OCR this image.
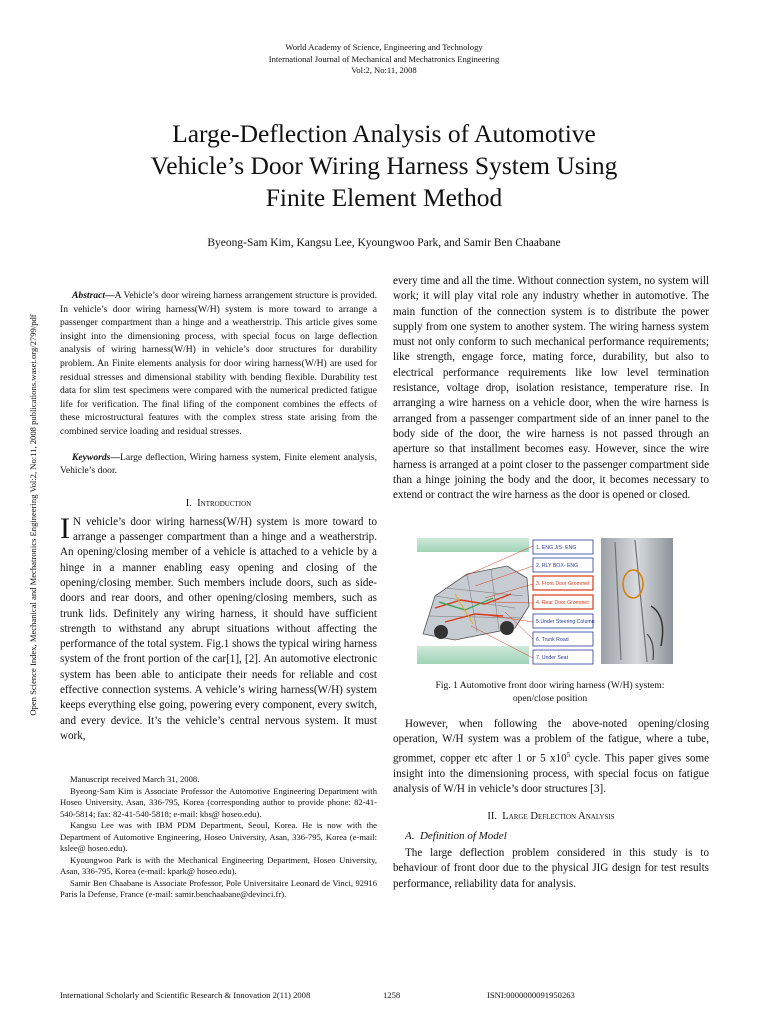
World Academy of Science, Engineering and Technology
International Journal of Mechanical and Mechatronics Engineering
Vol:2, No:11, 2008
Large-Deflection Analysis of Automotive
Vehicle’s Door Wiring Harness System Using
Finite Element Method
Byeong-Sam Kim, Kangsu Lee, Kyoungwoo Park, and Samir Ben Chaabane
Open Science Index, Mechanical and Mechatronics Engineering Vol:2, No:11, 2008 publications.waset.org/2799/pdf

Abstract—A Vehicle’s door wireing harness arrangement structure is provided. In vehicle’s door wiring harness(W/H) system is more toward to arrange a passenger compartment than a hinge and a weatherstrip. This article gives some insight into the dimensioning process, with special focus on large deflection analysis of wiring harness(W/H) in vehicle’s door structures for durability problem. An Finite elements analysis for door wiring harness(W/H) are used for residual stresses and dimensional stability with bending flexible. Durability test data for slim test specimens were compared with the numerical predicted fatigue life for verification. The final lifing of the component combines the effects of these microstructural features with the complex stress state arising from the combined service loading and residual stresses.

Keywords—Large deflection, Wiring harness system, Finite element analysis, Vehicle’s door.

I. Introduction

I N vehicle’s door wiring harness(W/H) system is more toward to arrange a passenger compartment than a hinge and a weatherstrip. An opening/closing member of a vehicle is attached to a vehicle by a hinge in a manner enabling easy opening and closing of the opening/closing member. Such members include doors, such as side-doors and rear doors, and other opening/closing members, such as trunk lids. Definitely any wiring harness, it should have sufficient strength to withstand any abrupt situations without affecting the performance of the total system. Fig.1 shows the typical wiring harness system of the front portion of the car[1], [2]. An automotive electronic system has been able to anticipate their needs for reliable and cost effective connection systems. A vehicle’s wiring harness(W/H) system keeps everything else going, powering every component, every switch, and every device. It’s the vehicle’s central nervous system. It must work,

Manuscript received March 31, 2008.

Byeong-Sam Kim is Associate Professor the Automotive Engineering Department with Hoseo University, Asan, 336-795, Korea (corresponding author to provide phone: 82-41-540-5814; fax: 82-41-540-5818; e-mail: kbs@ hoseo.edu).

Kangsu Lee was with IBM PDM Department, Seoul, Korea. He is now with the Department of Automotive Engineering, Hoseo University, Asan, 336-795, Korea (e-mail: kslee@ hoseo.edu).

Kyoungwoo Park is with the Mechanical Engineering Department, Hoseo University, Asan, 336-795, Korea (e-mail: kpark@ hoseo.edu).

Samir Ben Chaabane is Associate Professor, Pole Universitaire Leonard de Vinci, 92916 Paris la Defense, France (e-mail: samir.benchaabane@devinci.fr).

every time and all the time. Without connection system, no system will work; it will play vital role any industry whether in automotive. The main function of the connection system is to distribute the power supply from one system to another system. The wiring harness system must not only conform to such mechanical performance requirements; like strength, engage force, mating force, durability, but also to electrical performance requirements like low level termination resistance, voltage drop, isolation resistance, temperature rise. In arranging a wire harness on a vehicle door, when the wire harness is arranged from a passenger compartment side of an inner panel to the body side of the door, the wire harness is not passed through an aperture so that installment becomes easy. However, since the wire harness is arranged at a point closer to the passenger compartment side than a hinge joining the body and the door, it becomes necessary to extend or contract the wire harness as the door is opened or closed.

1. ENG J/S- ENG
2. RLY BOX- ENG
3. Front Door Grommet
4. Rear Door Grommet
5.Under Steering Column
6. Trunk Road
7. Under Seat
Fig. 1 Automotive front door wiring harness (W/H) system:
open/close position

However, when following the above-noted opening/closing operation, W/H system was a problem of the fatigue, where a tube, grommet, copper etc after 1 or 5 $x10^5$ cycle. This paper gives some insight into the dimensioning process, with special focus on fatigue analysis of W/H in vehicle’s door structures [3].

II. Large Deflection Analysis
A. Definition of Model

The large deflection problem considered in this study is to behaviour of front door due to the physical JIG design for test results performance, reliability data for analysis.

International Scholarly and Scientific Research & Innovation 2(11) 2008	1258	ISNI:0000000091950263
